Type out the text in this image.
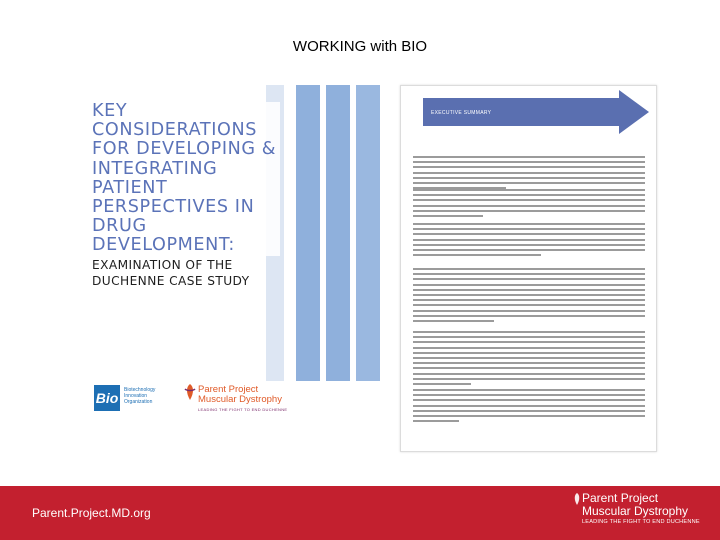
WORKING with BIO
KEY
CONSIDERATIONS
FOR DEVELOPING &
INTEGRATING
PATIENT
PERSPECTIVES IN
DRUG
DEVELOPMENT:
EXAMINATION OF THE
DUCHENNE CASE STUDY
Bio	Biotechnology Innovation Organization
Parent Project
Muscular Dystrophy
LEADING THE FIGHT TO END DUCHENNE
EXECUTIVE SUMMARY
Parent.Project.MD.org
Parent Project
Muscular Dystrophy
LEADING THE FIGHT TO END DUCHENNE
